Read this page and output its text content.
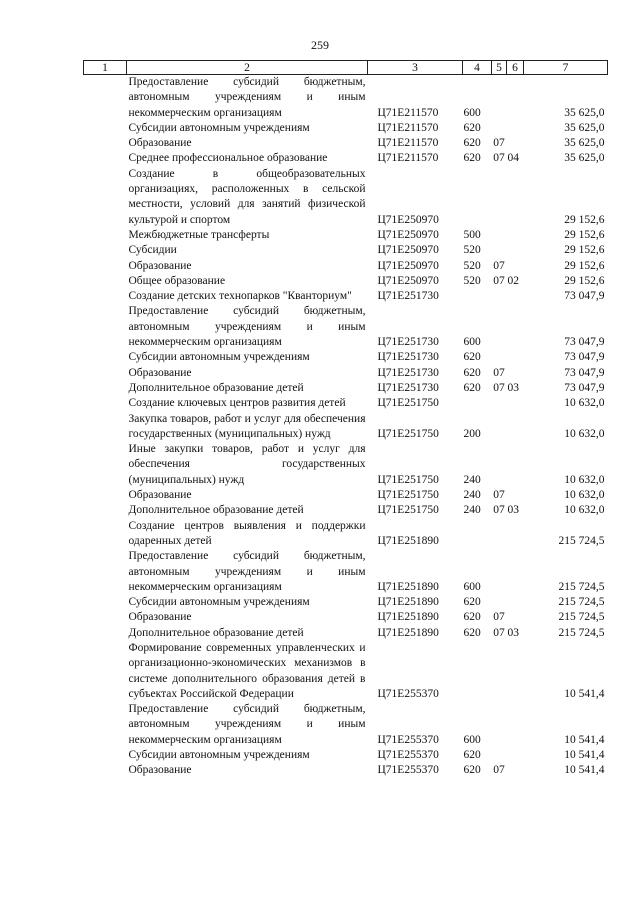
259
1	2	3	4	5	6	7
	Предоставление субсидий бюджетным, автономным учреждениям и иным некоммерческим организациям	Ц71Е211570	600			35 625,0
	Субсидии автономным учреждениям	Ц71Е211570	620			35 625,0
	Образование	Ц71Е211570	620	07		35 625,0
	Среднее профессиональное образование	Ц71Е211570	620	07	04	35 625,0
	Создание в общеобразовательных организациях, расположенных в сельской местности, условий для занятий физической культурой и спортом	Ц71Е250970				29 152,6
	Межбюджетные трансферты	Ц71Е250970	500			29 152,6
	Субсидии	Ц71Е250970	520			29 152,6
	Образование	Ц71Е250970	520	07		29 152,6
	Общее образование	Ц71Е250970	520	07	02	29 152,6
	Создание детских технопарков "Кванториум"	Ц71Е251730				73 047,9
	Предоставление субсидий бюджетным, автономным учреждениям и иным некоммерческим организациям	Ц71Е251730	600			73 047,9
	Субсидии автономным учреждениям	Ц71Е251730	620			73 047,9
	Образование	Ц71Е251730	620	07		73 047,9
	Дополнительное образование детей	Ц71Е251730	620	07	03	73 047,9
	Создание ключевых центров развития детей	Ц71Е251750				10 632,0
	Закупка товаров, работ и услуг для обеспечения государственных (муниципальных) нужд	Ц71Е251750	200			10 632,0
	Иные закупки товаров, работ и услуг для обеспечения государственных (муниципальных) нужд	Ц71Е251750	240			10 632,0
	Образование	Ц71Е251750	240	07		10 632,0
	Дополнительное образование детей	Ц71Е251750	240	07	03	10 632,0
	Создание центров выявления и поддержки одаренных детей	Ц71Е251890				215 724,5
	Предоставление субсидий бюджетным, автономным учреждениям и иным некоммерческим организациям	Ц71Е251890	600			215 724,5
	Субсидии автономным учреждениям	Ц71Е251890	620			215 724,5
	Образование	Ц71Е251890	620	07		215 724,5
	Дополнительное образование детей	Ц71Е251890	620	07	03	215 724,5
	Формирование современных управленческих и организационно-экономических механизмов в системе дополнительного образования детей в субъектах Российской Федерации	Ц71Е255370				10 541,4
	Предоставление субсидий бюджетным, автономным учреждениям и иным некоммерческим организациям	Ц71Е255370	600			10 541,4
	Субсидии автономным учреждениям	Ц71Е255370	620			10 541,4
	Образование	Ц71Е255370	620	07		10 541,4
